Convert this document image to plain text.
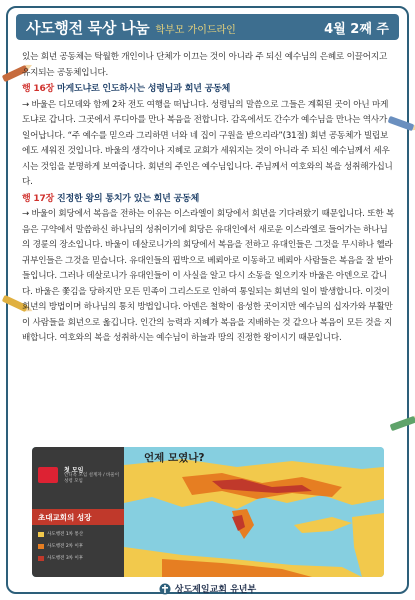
사도행전 묵상 나눔 학부모 가이드라인	4월 2째 주

있는 회년 공동체는 탁월한 개인이나 단체가 이끄는 것이 아니라 주 되신 예수님의 은혜로 이끌어지고 유지되는 공동체입니다.

행 16장 마게도냐로 인도하시는 성령님과 회년 공동체

→ 바울은 디모데와 함께 2차 전도 여행을 떠납니다. 성령님의 말씀으로 그들은 계획된 곳이 아닌 마게도냐로 갑니다. 그곳에서 루디아를 만나 복음을 전합니다. 감옥에서도 간수가 예수님을 만나는 역사가 일어납니다. “주 예수를 믿으라 그리하면 너와 네 집이 구원을 받으리라”(31절) 회년 공동체가 빌립보에도 세워진 것입니다. 바울의 생각이나 지혜로 교회가 세워지는 것이 아니라 주 되신 예수님께서 세우시는 것임을 분명하게 보여줍니다. 회년의 주인은 예수님입니다. 주님께서 여호와의 복을 성취해가십니다.

행 17장 진정한 왕의 통치가 있는 회년 공동체

→ 바울이 회당에서 복음을 전하는 이유는 이스라엘이 회당에서 회년을 기다려왔기 때문입니다. 또한 복음은 구약에서 말씀하신 하나님의 성취이기에 회당은 유대인에서 새로운 이스라엘로 들어가는 하나님의 경륜의 장소입니다. 바울이 데살로니가의 회당에서 복음을 전하고 유대인들은 그것을 무시하나 헬라 귀부인들은 그것을 믿습니다. 유대인들의 핍박으로 베뢰아로 이동하고 베뢰아 사람들은 복음을 잘 받아들입니다. 그러나 데살로니가 유대인들이 이 사실을 알고 다시 소동을 일으키자 바울은 아덴으로 갑니다. 바울은 쫓김을 당하지만 모든 민족이 그리스도로 인하여 통일되는 회년의 일이 발생합니다. 이것이 회년의 방법이며 하나님의 통치 방법입니다. 아덴은 철학이 융성한 곳이지만 예수님의 십자가와 부활만이 사람들을 회년으로 옮깁니다. 인간의 능력과 지혜가 복음을 지배하는 것 같으나 복음이 모든 것을 지배합니다. 여호와의 복을 성취하시는 예수님이 하늘과 땅의 진정한 왕이시기 때문입니다.

언제 모였나?
첫 모임
안디옥 모임 설계자 / 바울이 성령 모임
초대교회의 성장
사도행전 1차 통산
사도행전 2차 이후
사도행전 3차 이후
상도제일교회 유년부
